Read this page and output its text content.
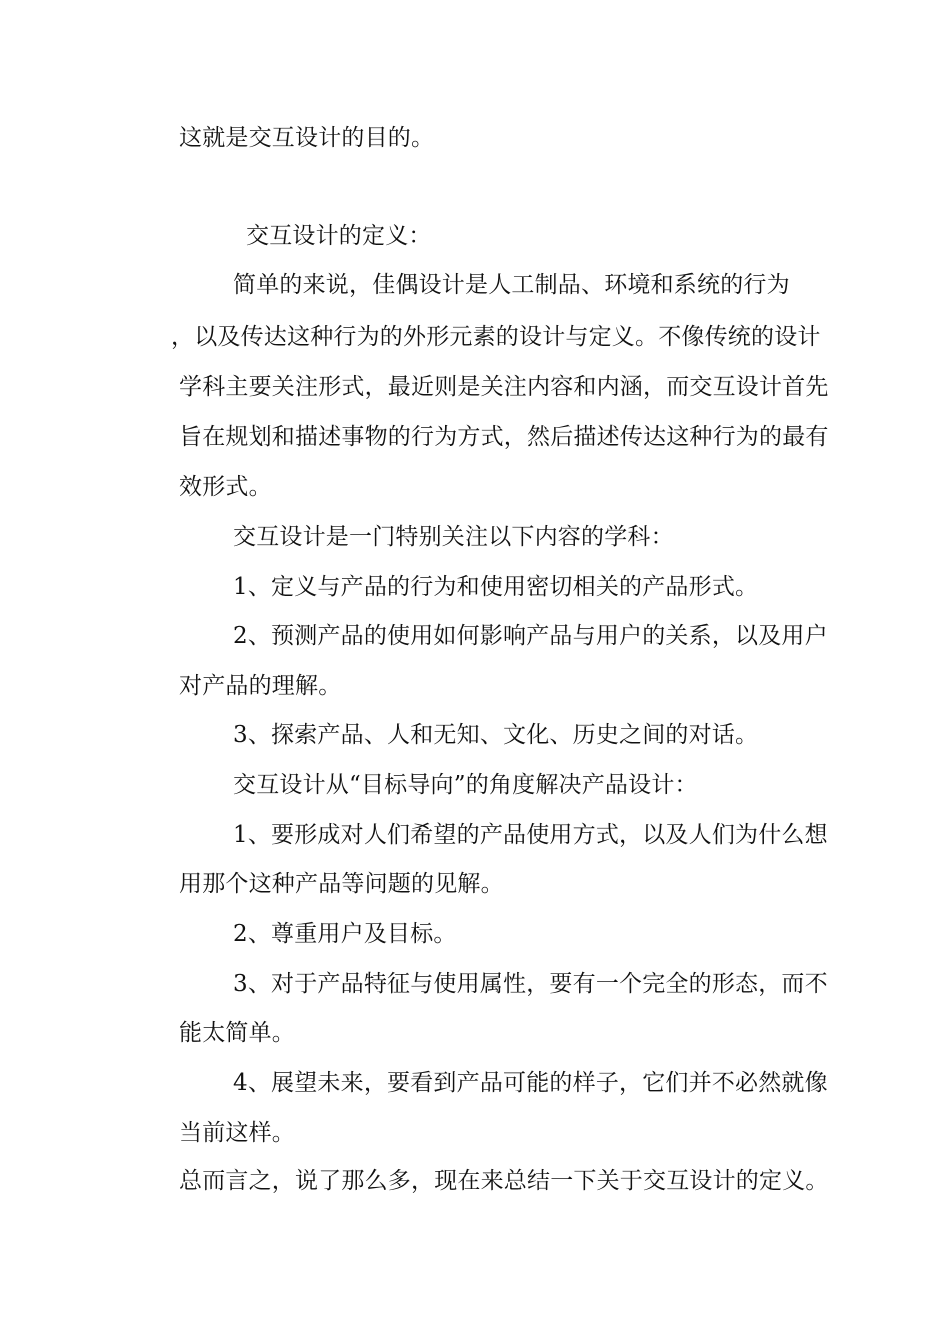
这就是交互设计的目的。
交互设计的定义：
简单的来说，佳偶设计是人工制品、环境和系统的行为
，以及传达这种行为的外形元素的设计与定义。不像传统的设计
学科主要关注形式，最近则是关注内容和内涵，而交互设计首先
旨在规划和描述事物的行为方式，然后描述传达这种行为的最有
效形式。
交互设计是一门特别关注以下内容的学科：
1、定义与产品的行为和使用密切相关的产品形式。
2、预测产品的使用如何影响产品与用户的关系，以及用户
对产品的理解。
3、探索产品、人和无知、文化、历史之间的对话。
交互设计从“目标导向”的角度解决产品设计：
1、要形成对人们希望的产品使用方式，以及人们为什么想
用那个这种产品等问题的见解。
2、尊重用户及目标。
3、对于产品特征与使用属性，要有一个完全的形态，而不
能太简单。
4、展望未来，要看到产品可能的样子，它们并不必然就像
当前这样。
总而言之，说了那么多，现在来总结一下关于交互设计的定义。
